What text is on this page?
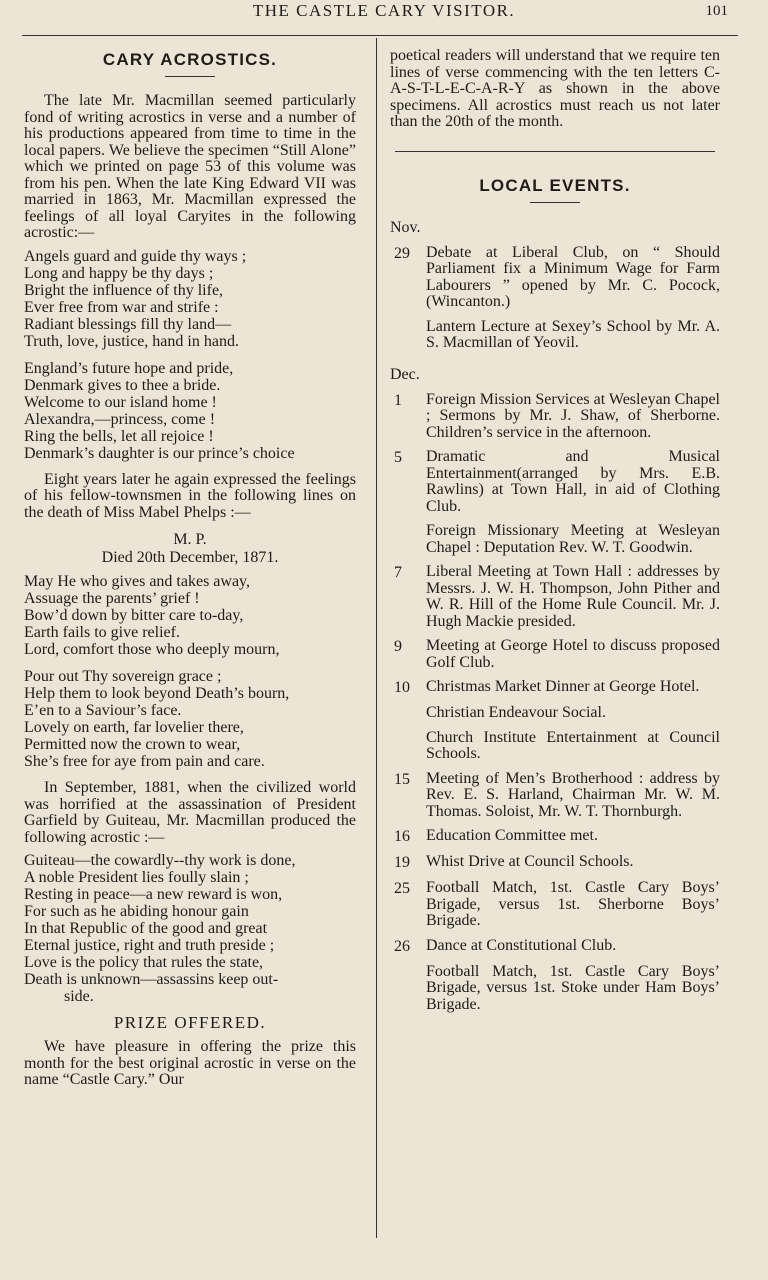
THE CASTLE CARY VISITOR.	101
CARY ACROSTICS.

The late Mr. Macmillan seemed particularly fond of writing acrostics in verse and a number of his productions appeared from time to time in the local papers. We believe the specimen “Still Alone” which we printed on page 53 of this volume was from his pen. When the late King Edward VII was married in 1863, Mr. Macmillan expressed the feelings of all loyal Caryites in the following acrostic:—

Angels guard and guide thy ways ;
Long and happy be thy days ;
Bright the influence of thy life,
Ever free from war and strife :
Radiant blessings fill thy land—
Truth, love, justice, hand in hand.
England’s future hope and pride,
Denmark gives to thee a bride.
Welcome to our island home !
Alexandra,—princess, come !
Ring the bells, let all rejoice !
Denmark’s daughter is our prince’s choice

Eight years later he again expressed the feelings of his fellow-townsmen in the following lines on the death of Miss Mabel Phelps :—

M. P.
Died 20th December, 1871.
May He who gives and takes away,
Assuage the parents’ grief !
Bow’d down by bitter care to-day,
Earth fails to give relief.
Lord, comfort those who deeply mourn,
Pour out Thy sovereign grace ;
Help them to look beyond Death’s bourn,
E’en to a Saviour’s face.
Lovely on earth, far lovelier there,
Permitted now the crown to wear,
She’s free for aye from pain and care.

In September, 1881, when the civilized world was horrified at the assassination of President Garfield by Guiteau, Mr. Macmillan produced the following acrostic :—

Guiteau—the cowardly--thy work is done,
A noble President lies foully slain ;
Resting in peace—a new reward is won,
For such as he abiding honour gain
In that Republic of the good and great
Eternal justice, right and truth preside ;
Love is the policy that rules the state,
Death is unknown—assassins keep out-
side.
PRIZE OFFERED.

We have pleasure in offering the prize this month for the best original acrostic in verse on the name “Castle Cary.” Our

poetical readers will understand that we require ten lines of verse commencing with the ten letters C-A-S-T-L-E-C-A-R-Y as shown in the above specimens. All acrostics must reach us not later than the 20th of the month.

LOCAL EVENTS.
Nov.
29	Debate at Liberal Club, on “ Should Parliament fix a Minimum Wage for Farm Labourers ” opened by Mr. C. Pocock, (Wincanton.)
Lantern Lecture at Sexey’s School by Mr. A. S. Macmillan of Yeovil.
Dec.
1	Foreign Mission Services at Wesleyan Chapel ; Sermons by Mr. J. Shaw, of Sherborne. Children’s service in the afternoon.
5	Dramatic and Musical Entertainment(arranged by Mrs. E.B. Rawlins) at Town Hall, in aid of Clothing Club.
Foreign Missionary Meeting at Wesleyan Chapel : Deputation Rev. W. T. Goodwin.
7	Liberal Meeting at Town Hall : addresses by Messrs. J. W. H. Thompson, John Pither and W. R. Hill of the Home Rule Council. Mr. J. Hugh Mackie presided.
9	Meeting at George Hotel to discuss proposed Golf Club.
10	Christmas Market Dinner at George Hotel.
Christian Endeavour Social.
Church Institute Entertainment at Council Schools.
15	Meeting of Men’s Brotherhood : address by Rev. E. S. Harland, Chairman Mr. W. M. Thomas. Soloist, Mr. W. T. Thornburgh.
16	Education Committee met.
19	Whist Drive at Council Schools.
25	Football Match, 1st. Castle Cary Boys’ Brigade, versus 1st. Sherborne Boys’ Brigade.
26	Dance at Constitutional Club.
Football Match, 1st. Castle Cary Boys’ Brigade, versus 1st. Stoke under Ham Boys’ Brigade.
